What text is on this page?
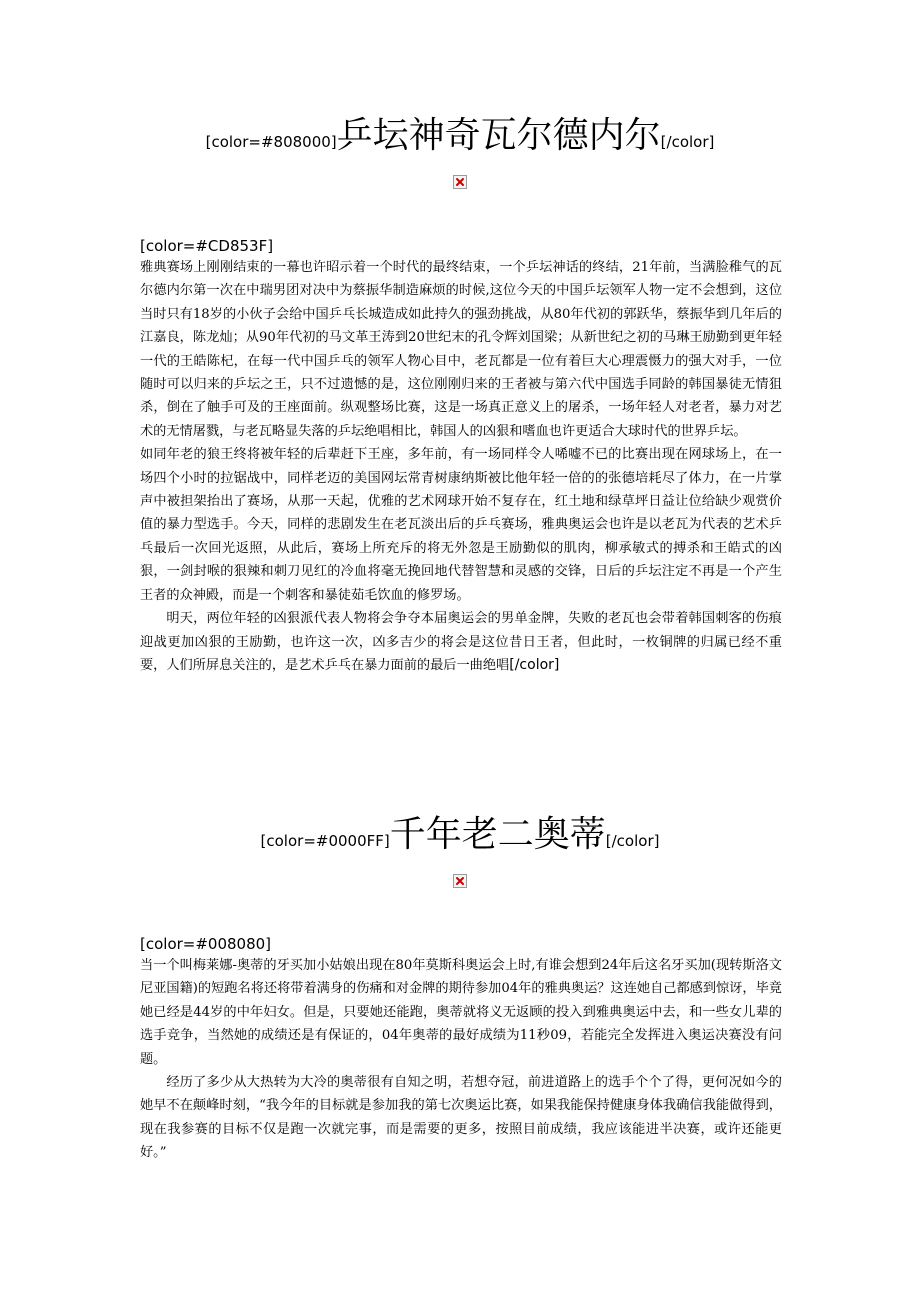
[color=#808000]乒坛神奇瓦尔德内尔[/color]
[color=#CD853F]

雅典赛场上刚刚结束的一幕也许昭示着一个时代的最终结束，一个乒坛神话的终结，21年前，当满脸稚气的瓦尔德内尔第一次在中瑞男团对决中为蔡振华制造麻烦的时候,这位今天的中国乒坛领军人物一定不会想到，这位当时只有18岁的小伙子会给中国乒乓长城造成如此持久的强劲挑战，从80年代初的郭跃华，蔡振华到几年后的江嘉良，陈龙灿；从90年代初的马文革王涛到20世纪末的孔令辉刘国梁；从新世纪之初的马琳王励勤到更年轻一代的王皓陈杞，在每一代中国乒乓的领军人物心目中，老瓦都是一位有着巨大心理震慑力的强大对手，一位随时可以归来的乒坛之王，只不过遗憾的是，这位刚刚归来的王者被与第六代中国选手同龄的韩国暴徒无情狙杀，倒在了触手可及的王座面前。纵观整场比赛，这是一场真正意义上的屠杀，一场年轻人对老者，暴力对艺术的无情屠戮，与老瓦略显失落的乒坛绝唱相比，韩国人的凶狠和嗜血也许更适合大球时代的世界乒坛。

如同年老的狼王终将被年轻的后辈赶下王座，多年前，有一场同样令人唏嘘不已的比赛出现在网球场上，在一场四个小时的拉锯战中，同样老迈的美国网坛常青树康纳斯被比他年轻一倍的的张德培耗尽了体力，在一片掌声中被担架抬出了赛场，从那一天起，优雅的艺术网球开始不复存在，红土地和绿草坪日益让位给缺少观赏价值的暴力型选手。今天，同样的悲剧发生在老瓦淡出后的乒乓赛场，雅典奥运会也许是以老瓦为代表的艺术乒乓最后一次回光返照，从此后，赛场上所充斥的将无外忽是王励勤似的肌肉，柳承敏式的搏杀和王皓式的凶狠，一剑封喉的狠辣和刺刀见红的冷血将毫无挽回地代替智慧和灵感的交锋，日后的乒坛注定不再是一个产生王者的众神殿，而是一个刺客和暴徒茹毛饮血的修罗场。

明天，两位年轻的凶狠派代表人物将会争夺本届奥运会的男单金牌，失败的老瓦也会带着韩国刺客的伤痕迎战更加凶狠的王励勤，也许这一次，凶多吉少的将会是这位昔日王者，但此时，一枚铜牌的归属已经不重要，人们所屏息关注的，是艺术乒乓在暴力面前的最后一曲绝唱[/color]

[color=#0000FF]千年老二奥蒂[/color]
[color=#008080]

当一个叫梅莱娜-奥蒂的牙买加小姑娘出现在80年莫斯科奥运会上时,有谁会想到24年后这名牙买加(现转斯洛文尼亚国籍)的短跑名将还将带着满身的伤痛和对金牌的期待参加04年的雅典奥运？这连她自己都感到惊讶，毕竟她已经是44岁的中年妇女。但是，只要她还能跑，奥蒂就将义无返顾的投入到雅典奥运中去，和一些女儿辈的选手竞争，当然她的成绩还是有保证的，04年奥蒂的最好成绩为11秒09，若能完全发挥进入奥运决赛没有问题。

经历了多少从大热转为大冷的奥蒂很有自知之明，若想夺冠，前进道路上的选手个个了得，更何况如今的她早不在颠峰时刻，“我今年的目标就是参加我的第七次奥运比赛，如果我能保持健康身体我确信我能做得到，现在我参赛的目标不仅是跑一次就完事，而是需要的更多，按照目前成绩，我应该能进半决赛，或许还能更好。”
